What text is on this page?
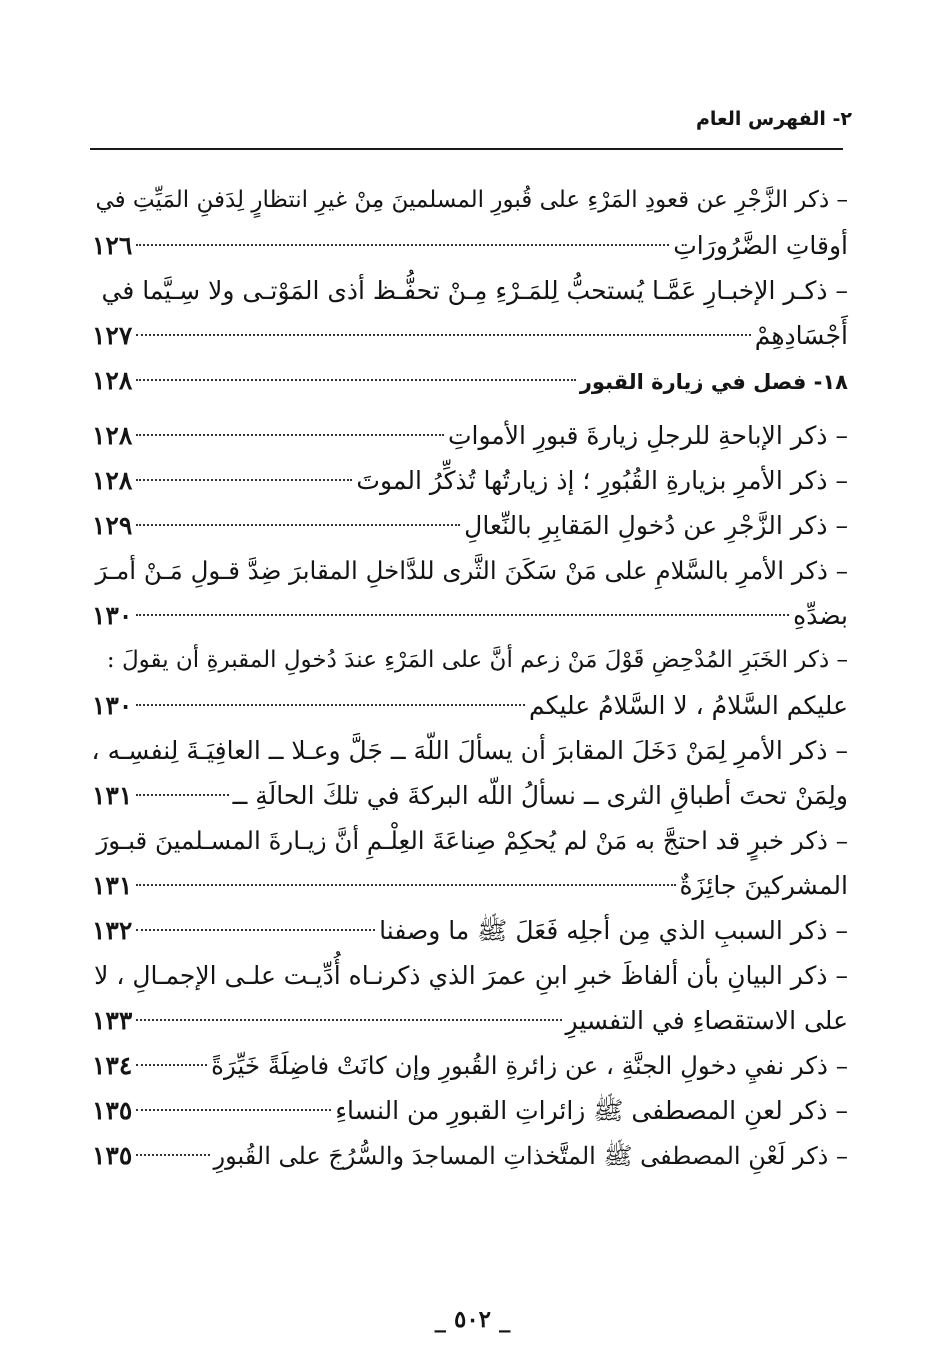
٢- الفهرس العام
– ذكر الزَّجْرِ عن قعودِ المَرْءِ على قُبورِ المسلمينَ مِنْ غيرِ انتظارٍ لِدَفنِ المَيِّتِ في
أوقاتِ الضَّرُورَاتِ
١٢٦
– ذكـر الإخبـارِ عَمَّـا يُستحبُّ لِلمَـرْءِ مِـنْ تحفُّـظ أذى المَوْتـى ولا سِـيَّما في
أَجْسَادِهِمْ
١٢٧
١٨- فصل في زيارة القبور
١٢٨
– ذكر الإباحةِ للرجلِ زيارةَ قبورِ الأمواتِ
١٢٨
– ذكر الأمرِ بزيارةِ القُبُورِ ؛ إذ زيارتُها تُذكِّرُ الموتَ
١٢٨
– ذكر الزَّجْرِ عن دُخولِ المَقابِرِ بالنِّعالِ
١٢٩
– ذكر الأمرِ بالسَّلامِ على مَنْ سَكَنَ الثَّرى للدَّاخلِ المقابرَ ضِدَّ قـولِ مَـنْ أمـرَ
بضدِّهِ
١٣٠
– ذكر الخَبَرِ المُدْحِضِ قَوْلَ مَنْ زعم أنَّ على المَرْءِ عندَ دُخولِ المقبرةِ أن يقولَ :
عليكم السَّلامُ ، لا السَّلامُ عليكم
١٣٠
– ذكر الأمرِ لِمَنْ دَخَلَ المقابرَ أن يسألَ اللّهَ ــ جَلَّ وعـلا ــ العافِيَـةَ لِنفسِـه ،
ولِمَنْ تحتَ أطباقِ الثرى ــ نسألُ اللّه البركةَ في تلكَ الحالَةِ ــ
١٣١
– ذكر خبرٍ قد احتجَّ به مَنْ لم يُحكِمْ صِناعَةَ العِلْـمِ أنَّ زيـارةَ المسـلمينَ قبـورَ
المشركينَ جائِزَةٌ
١٣١
– ذكر السببِ الذي مِن أجلِه فَعَلَ ﷺ ما وصفنا
١٣٢
– ذكر البيانِ بأن ألفاظَ خبرِ ابنِ عمرَ الذي ذكرنـاه أُدِّيـت علـى الإجمـالِ ، لا
على الاستقصاءِ في التفسيرِ
١٣٣
– ذكر نفيِ دخولِ الجنَّةِ ، عن زائرةِ القُبورِ وإن كانَتْ فاضِلَةً خَيِّرَةً
١٣٤
– ذكر لعنِ المصطفى ﷺ زائراتِ القبورِ من النساءِ
١٣٥
– ذكر لَعْنِ المصطفى ﷺ المتَّخذاتِ المساجدَ والسُّرُجَ على القُبورِ
١٣٥
_ ٥٠٢ _
